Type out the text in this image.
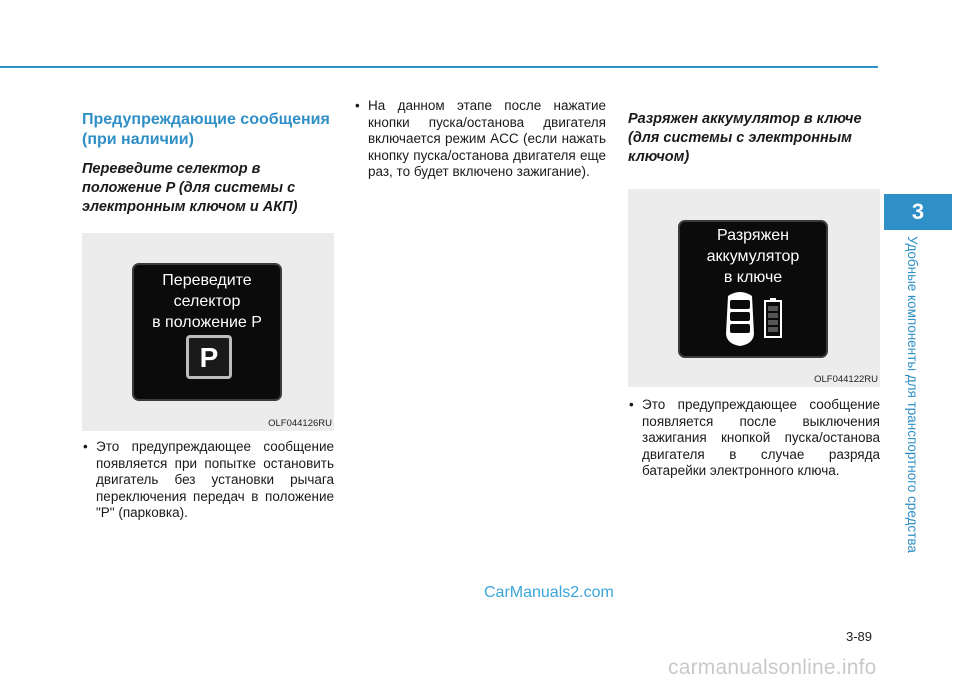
3
Удобные компоненты для транспортного средства
Предупреждающие сообщения (при наличии)
Переведите селектор в положение P (для системы с электронным ключом и АКП)
Переведите
селектор
в положение P
P
OLF044126RU
• Это предупреждающее сообщение появляется при попытке остановить двигатель без установки рычага переключения передач в положение "P" (парковка).
• На данном этапе после нажатие кнопки пуска/останова двигателя включается режим ACC (если нажать кнопку пуска/останова двигателя еще раз, то будет включено зажигание).
Разряжен аккумулятор в ключе (для системы с электронным ключом)
Разряжен
аккумулятор
в ключе
OLF044122RU
• Это предупреждающее сообщение появляется после выключения зажигания кнопкой пуска/останова двигателя в случае разряда батарейки электронного ключа.
CarManuals2.com
3-89
carmanualsonline.info
